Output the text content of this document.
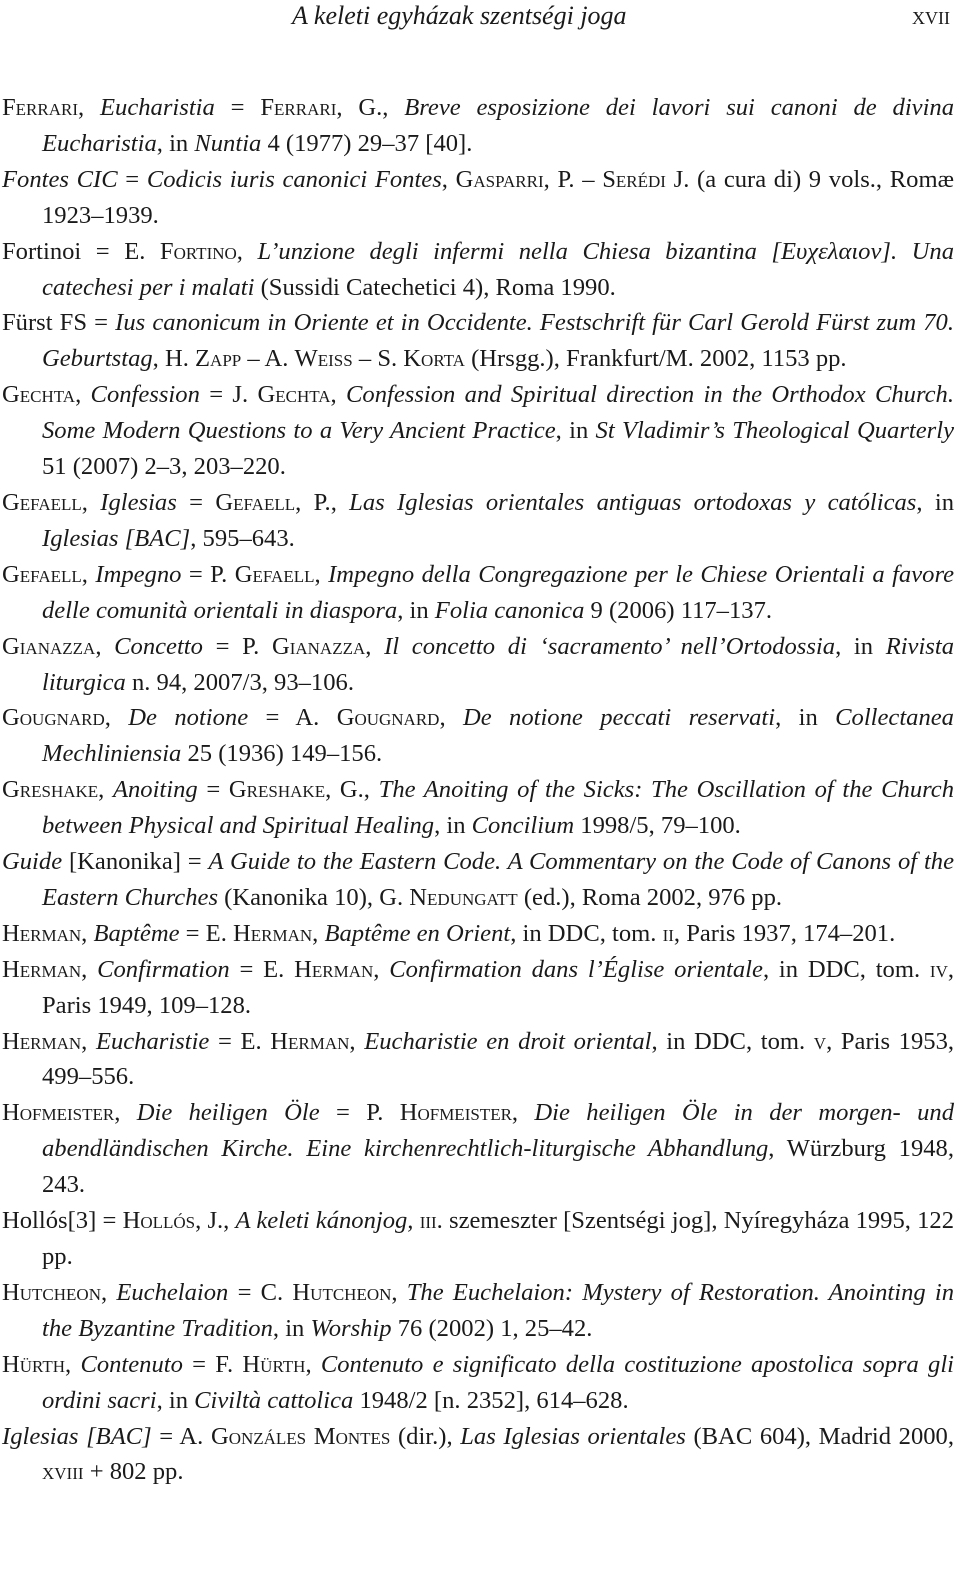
A keleti egyházak szentségi joga	xvii

Ferrari, Eucharistia = Ferrari, G., Breve esposizione dei lavori sui canoni de divina Eucharistia, in Nuntia 4 (1977) 29–37 [40].

Fontes CIC = Codicis iuris canonici Fontes, Gasparri, P. – Serédi J. (a cura di) 9 vols., Romæ 1923–1939.

Fortinoi = E. Fortino, L’unzione degli infermi nella Chiesa bizantina [Ευχελαιον]. Una catechesi per i malati (Sussidi Catechetici 4), Roma 1990.

Fürst FS = Ius canonicum in Oriente et in Occidente. Festschrift für Carl Gerold Fürst zum 70. Geburtstag, H. Zapp – A. Weiss – S. Korta (Hrsgg.), Frankfurt/M. 2002, 1153 pp.

Gechta, Confession = J. Gechta, Confession and Spiritual direction in the Orthodox Church. Some Modern Questions to a Very Ancient Practice, in St Vladimir’s Theological Quarterly 51 (2007) 2–3, 203–220.

Gefaell, Iglesias = Gefaell, P., Las Iglesias orientales antiguas ortodoxas y católicas, in Iglesias [BAC], 595–643.

Gefaell, Impegno = P. Gefaell, Impegno della Congregazione per le Chiese Orientali a favore delle comunità orientali in diaspora, in Folia canonica 9 (2006) 117–137.

Gianazza, Concetto = P. Gianazza, Il concetto di ‘sacramento’ nell’Ortodossia, in Rivista liturgica n. 94, 2007/3, 93–106.

Gougnard, De notione = A. Gougnard, De notione peccati reservati, in Collectanea Mechliniensia 25 (1936) 149–156.

Greshake, Anoiting = Greshake, G., The Anoiting of the Sicks: The Oscillation of the Church between Physical and Spiritual Healing, in Concilium 1998/5, 79–100.

Guide [Kanonika] = A Guide to the Eastern Code. A Commentary on the Code of Canons of the Eastern Churches (Kanonika 10), G. Nedungatt (ed.), Roma 2002, 976 pp.

Herman, Baptême = E. Herman, Baptême en Orient, in DDC, tom. ii, Paris 1937, 174–201.

Herman, Confirmation = E. Herman, Confirmation dans l’Église orientale, in DDC, tom. iv, Paris 1949, 109–128.

Herman, Eucharistie = E. Herman, Eucharistie en droit oriental, in DDC, tom. v, Paris 1953, 499–556.

Hofmeister, Die heiligen Öle = P. Hofmeister, Die heiligen Öle in der morgen- und abendländischen Kirche. Eine kirchenrechtlich-liturgische Abhandlung, Würzburg 1948, 243.

Hollós[3] = Hollós, J., A keleti kánonjog, iii. szemeszter [Szentségi jog], Nyíregyháza 1995, 122 pp.

Hutcheon, Euchelaion = C. Hutcheon, The Euchelaion: Mystery of Restoration. Anointing in the Byzantine Tradition, in Worship 76 (2002) 1, 25–42.

Hürth, Contenuto = F. Hürth, Contenuto e significato della costituzione apostolica sopra gli ordini sacri, in Civiltà cattolica 1948/2 [n. 2352], 614–628.

Iglesias [BAC] = A. Gonzáles Montes (dir.), Las Iglesias orientales (BAC 604), Madrid 2000, xviii + 802 pp.
